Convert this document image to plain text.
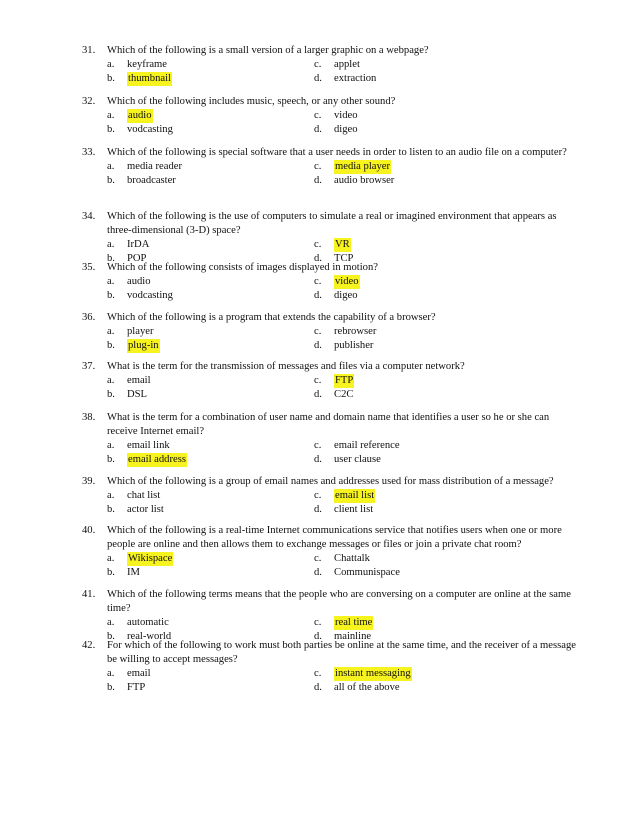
31.	Which of the following is a small version of a larger graphic on a webpage?
a.	keyframe	c.	applet
b.	thumbnail	d.	extraction
32.	Which of the following includes music, speech, or any other sound?
a.	audio	c.	video
b.	vodcasting	d.	digeo
33.	Which of the following is special software that a user needs in order to listen to an audio file on a computer?
a.	media reader	c.	media player
b.	broadcaster	d.	audio browser
34.	Which of the following is the use of computers to simulate a real or imagined environment that appears as three-dimensional (3-D) space?
a.	IrDA	c.	VR
b.	POP	d.	TCP
35.	Which of the following consists of images displayed in motion?
a.	audio	c.	video
b.	vodcasting	d.	digeo
36.	Which of the following is a program that extends the capability of a browser?
a.	player	c.	rebrowser
b.	plug-in	d.	publisher
37.	What is the term for the transmission of messages and files via a computer network?
a.	email	c.	FTP
b.	DSL	d.	C2C
38.	What is the term for a combination of user name and domain name that identifies a user so he or she can receive Internet email?
a.	email link	c.	email reference
b.	email address	d.	user clause
39.	Which of the following is a group of email names and addresses used for mass distribution of a message?
a.	chat list	c.	email list
b.	actor list	d.	client list
40.	Which of the following is a real-time Internet communications service that notifies users when one or more people are online and then allows them to exchange messages or files or join a private chat room?
a.	Wikispace	c.	Chattalk
b.	IM	d.	Communispace
41.	Which of the following terms means that the people who are conversing on a computer are online at the same time?
a.	automatic	c.	real time
b.	real-world	d.	mainline
42.	For which of the following to work must both parties be online at the same time, and the receiver of a message be willing to accept messages?
a.	email	c.	instant messaging
b.	FTP	d.	all of the above
